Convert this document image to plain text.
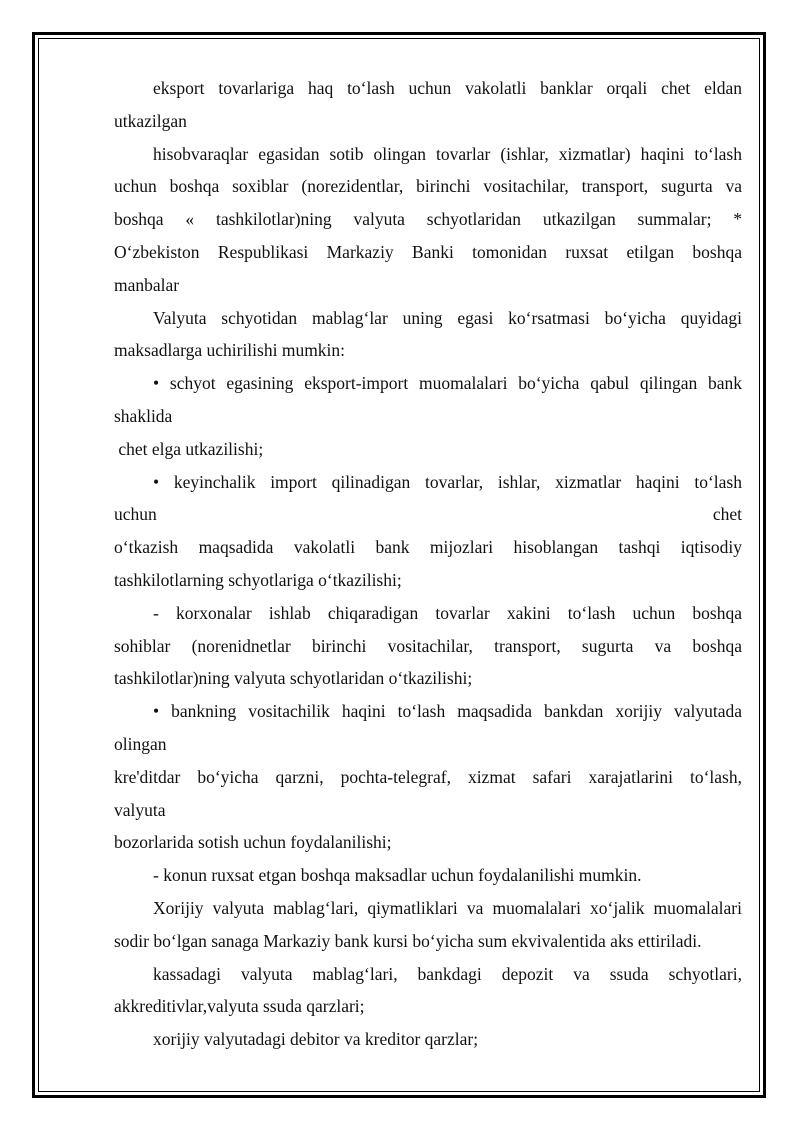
eksport tovarlariga haq to‘lash uchun vakolatli banklar orqali chet eldan

utkazilgan

hisobvaraqlar egasidan sotib olingan tovarlar (ishlar, xizmatlar) haqini to‘lash

uchun boshqa soxiblar (norezidentlar, birinchi vositachilar, transport, sugurta va

boshqa « tashkilotlar)ning valyuta schyotlaridan utkazilgan summalar; *

O‘zbekiston Respublikasi Markaziy Banki tomonidan ruxsat etilgan boshqa

manbalar

Valyuta schyotidan mablag‘lar uning egasi ko‘rsatmasi bo‘yicha quyidagi

maksadlarga uchirilishi mumkin:

• schyot egasining eksport-import muomalalari bo‘yicha qabul qilingan bank

shaklida

chet elga utkazilishi;

• keyinchalik import qilinadigan tovarlar, ishlar, xizmatlar haqini to‘lash

uchun chet

o‘tkazish maqsadida vakolatli bank mijozlari hisoblangan tashqi iqtisodiy

tashkilotlarning schyotlariga o‘tkazilishi;

- korxonalar ishlab chiqaradigan tovarlar xakini to‘lash uchun boshqa

sohiblar (norenidnetlar birinchi vositachilar, transport, sugurta va boshqa

tashkilotlar)ning valyuta schyotlaridan o‘tkazilishi;

• bankning vositachilik haqini to‘lash maqsadida bankdan xorijiy valyutada

olingan

kre'ditdar bo‘yicha qarzni, pochta-telegraf, xizmat safari xarajatlarini to‘lash,

valyuta

bozorlarida sotish uchun foydalanilishi;

- konun ruxsat etgan boshqa maksadlar uchun foydalanilishi mumkin.

Xorijiy valyuta mablag‘lari, qiymatliklari va muomalalari xo‘jalik muomalalari

sodir bo‘lgan sanaga Markaziy bank kursi bo‘yicha sum ekvivalentida aks ettiriladi.

kassadagi valyuta mablag‘lari, bankdagi depozit va ssuda schyotlari,

akkreditivlar,valyuta ssuda qarzlari;

xorijiy valyutadagi debitor va kreditor qarzlar;
